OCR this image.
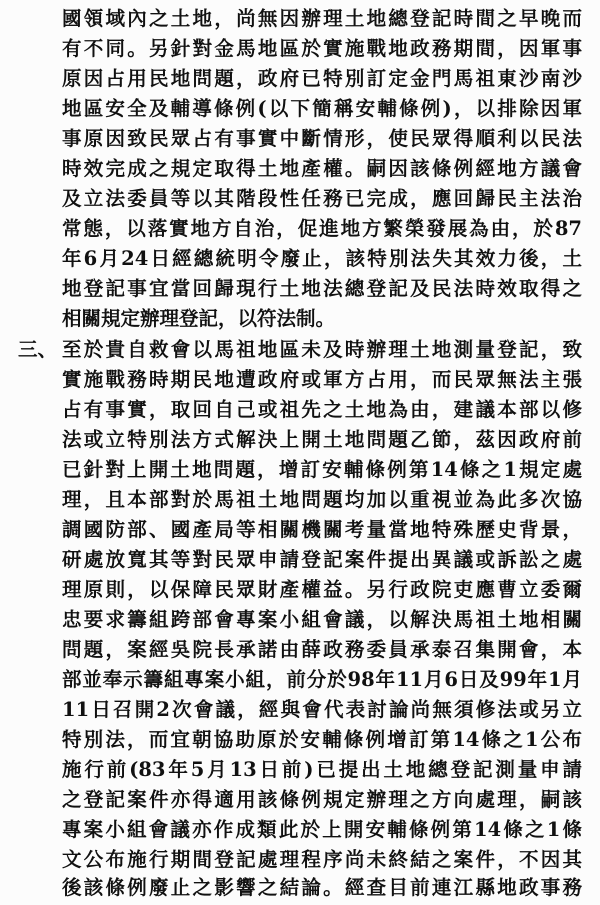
國領域內之土地，尚無因辦理土地總登記時間之早晚而
有不同。另針對金馬地區於實施戰地政務期間，因軍事
原因占用民地問題，政府已特別訂定金門馬祖東沙南沙
地區安全及輔導條例(以下簡稱安輔條例)，以排除因軍
事原因致民眾占有事實中斷情形，使民眾得順利以民法
時效完成之規定取得土地產權。嗣因該條例經地方議會
及立法委員等以其階段性任務已完成，應回歸民主法治
常態，以落實地方自治，促進地方繁榮發展為由，於87
年6月24日經總統明令廢止，該特別法失其效力後，土
地登記事宜當回歸現行土地法總登記及民法時效取得之
相關規定辦理登記，以符法制。
三、 至於貴自救會以馬祖地區未及時辦理土地測量登記，致
實施戰務時期民地遭政府或軍方占用，而民眾無法主張
占有事實，取回自己或祖先之土地為由，建議本部以修
法或立特別法方式解決上開土地問題乙節，茲因政府前
已針對上開土地問題，增訂安輔條例第14條之1規定處
理，且本部對於馬祖土地問題均加以重視並為此多次協
調國防部、國產局等相關機關考量當地特殊歷史背景，
研處放寬其等對民眾申請登記案件提出異議或訴訟之處
理原則，以保障民眾財產權益。另行政院吏應曹立委爾
忠要求籌組跨部會專案小組會議，以解決馬祖土地相關
問題，案經吳院長承諾由薛政務委員承泰召集開會，本
部並奉示籌組專案小組，前分於98年11月6日及99年1月
11日召開2次會議，經與會代表討論尚無須修法或另立
特別法，而宜朝協助原於安輔條例增訂第14條之1公布
施行前(83年5月13日前)已提出土地總登記測量申請
之登記案件亦得適用該條例規定辦理之方向處理，嗣該
專案小組會議亦作成類此於上開安輔條例第14條之1條
文公布施行期間登記處理程序尚未終結之案件，不因其
後該條例廢止之影響之結論。經查目前連江縣地政事務
